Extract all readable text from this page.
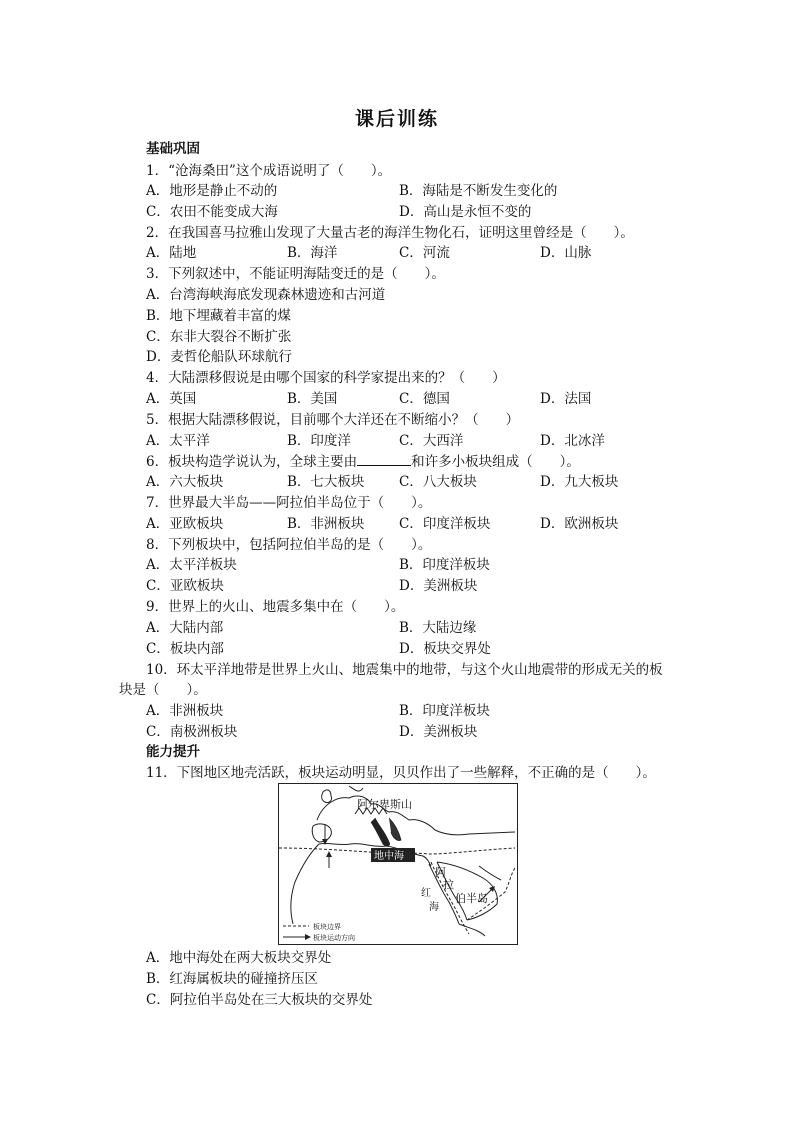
课后训练
基础巩固
1．“沧海桑田”这个成语说明了（　　）。
A．地形是静止不动的	B．海陆是不断发生变化的
C．农田不能变成大海	D．高山是永恒不变的
2．在我国喜马拉雅山发现了大量古老的海洋生物化石，证明这里曾经是（　　）。
A．陆地	B．海洋	C．河流	D．山脉
3．下列叙述中，不能证明海陆变迁的是（　　）。
A．台湾海峡海底发现森林遗迹和古河道
B．地下埋藏着丰富的煤
C．东非大裂谷不断扩张
D．麦哲伦船队环球航行
4．大陆漂移假说是由哪个国家的科学家提出来的？（　　）
A．英国	B．美国	C．德国	D．法国
5．根据大陆漂移假说，目前哪个大洋还在不断缩小？（　　）
A．太平洋	B．印度洋	C．大西洋	D．北冰洋
6．板块构造学说认为，全球主要由	和许多小板块组成（　　）。
A．六大板块	B．七大板块	C．八大板块	D．九大板块
7．世界最大半岛——阿拉伯半岛位于（　　）。
A．亚欧板块	B．非洲板块	C．印度洋板块	D．欧洲板块
8．下列板块中，包括阿拉伯半岛的是（　　）。
A．太平洋板块	B．印度洋板块
C．亚欧板块	D．美洲板块
9．世界上的火山、地震多集中在（　　）。
A．大陆内部	B．大陆边缘
C．板块内部	D．板块交界处
10．环太平洋地带是世界上火山、地震集中的地带，与这个火山地震带的形成无关的板
块是（　　）。
A．非洲板块	B．印度洋板块
C．南极洲板块	D．美洲板块
能力提升
11．下图地区地壳活跃，板块运动明显，贝贝作出了一些解释，不正确的是（　　）。
阿尔卑斯山
地中海
阿
拉
伯半岛
红
海
板块边界
板块运动方向
A．地中海处在两大板块交界处
B．红海属板块的碰撞挤压区
C．阿拉伯半岛处在三大板块的交界处
